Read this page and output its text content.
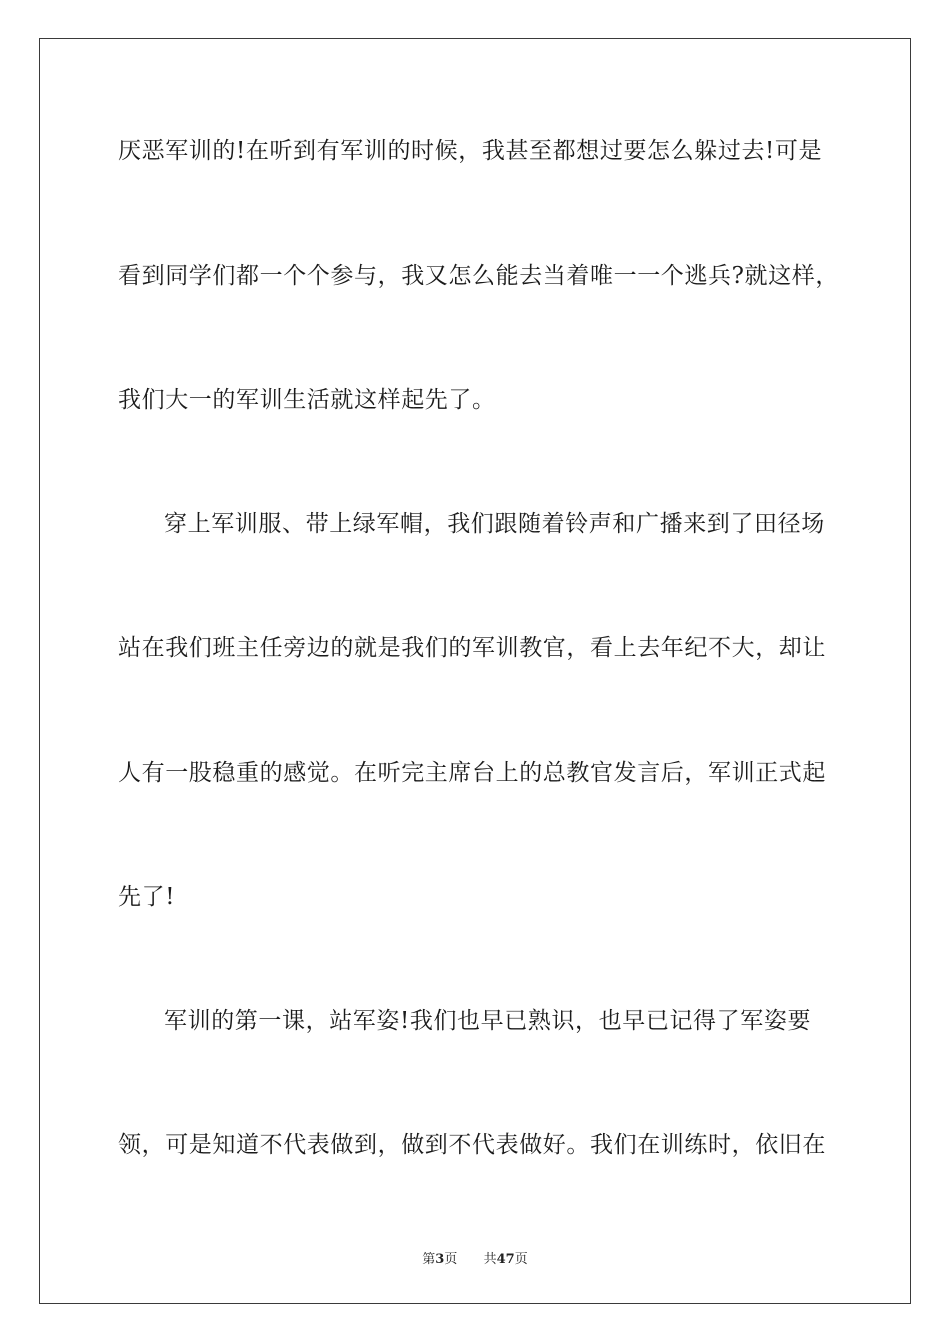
厌恶军训的!在听到有军训的时候，我甚至都想过要怎么躲过去!可是
看到同学们都一个个参与，我又怎么能去当着唯一一个逃兵?就这样，
我们大一的军训生活就这样起先了。
穿上军训服、带上绿军帽，我们跟随着铃声和广播来到了田径场
站在我们班主任旁边的就是我们的军训教官，看上去年纪不大，却让
人有一股稳重的感觉。在听完主席台上的总教官发言后，军训正式起
先了!
军训的第一课，站军姿!我们也早已熟识，也早已记得了军姿要
领，可是知道不代表做到，做到不代表做好。我们在训练时，依旧在
第3页 共47页
